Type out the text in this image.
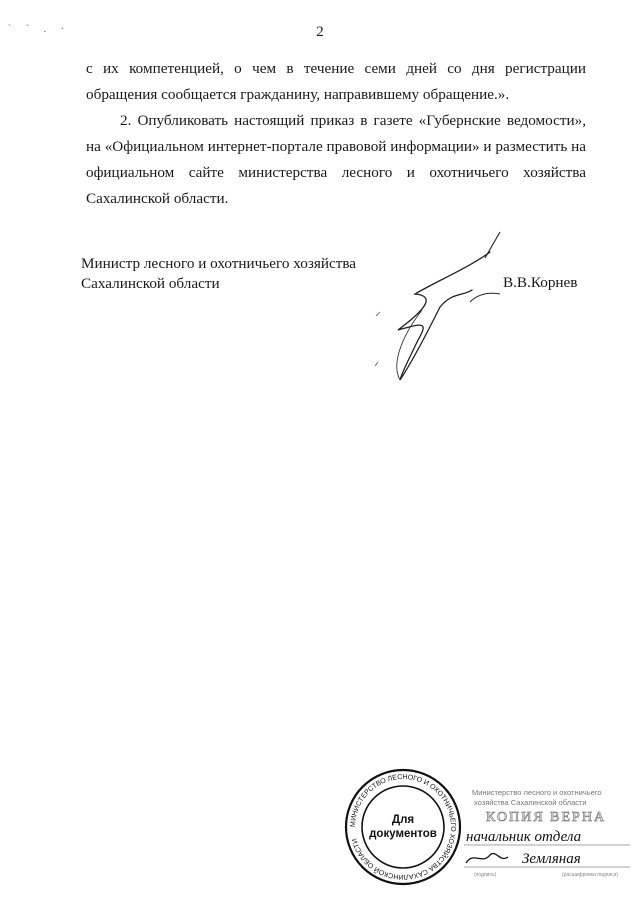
` ` . ·	2

с их компетенцией, о чем в течение семи дней со дня регистрации обращения сообщается гражданину, направившему обращение.».

2. Опубликовать настоящий приказ в газете «Губернские ведомости», на «Официальном интернет-портале правовой информации» и разместить на официальном сайте министерства лесного и охотничьего хозяйства Сахалинской области.

Министр лесного и охотничьего хозяйства
Сахалинской области	В.В.Корнев
МИНИСТЕРСТВО ЛЕСНОГО И ОХОТНИЧЬЕГО ХОЗЯЙСТВА САХАЛИНСКОЙ ОБЛАСТИ
Для
документов
Министерство лесного и охотничьего
хозяйства Сахалинской области
КОПИЯ ВЕРНА
начальник отдела
Земляная
(подпись)	(расшифровка подписи)
